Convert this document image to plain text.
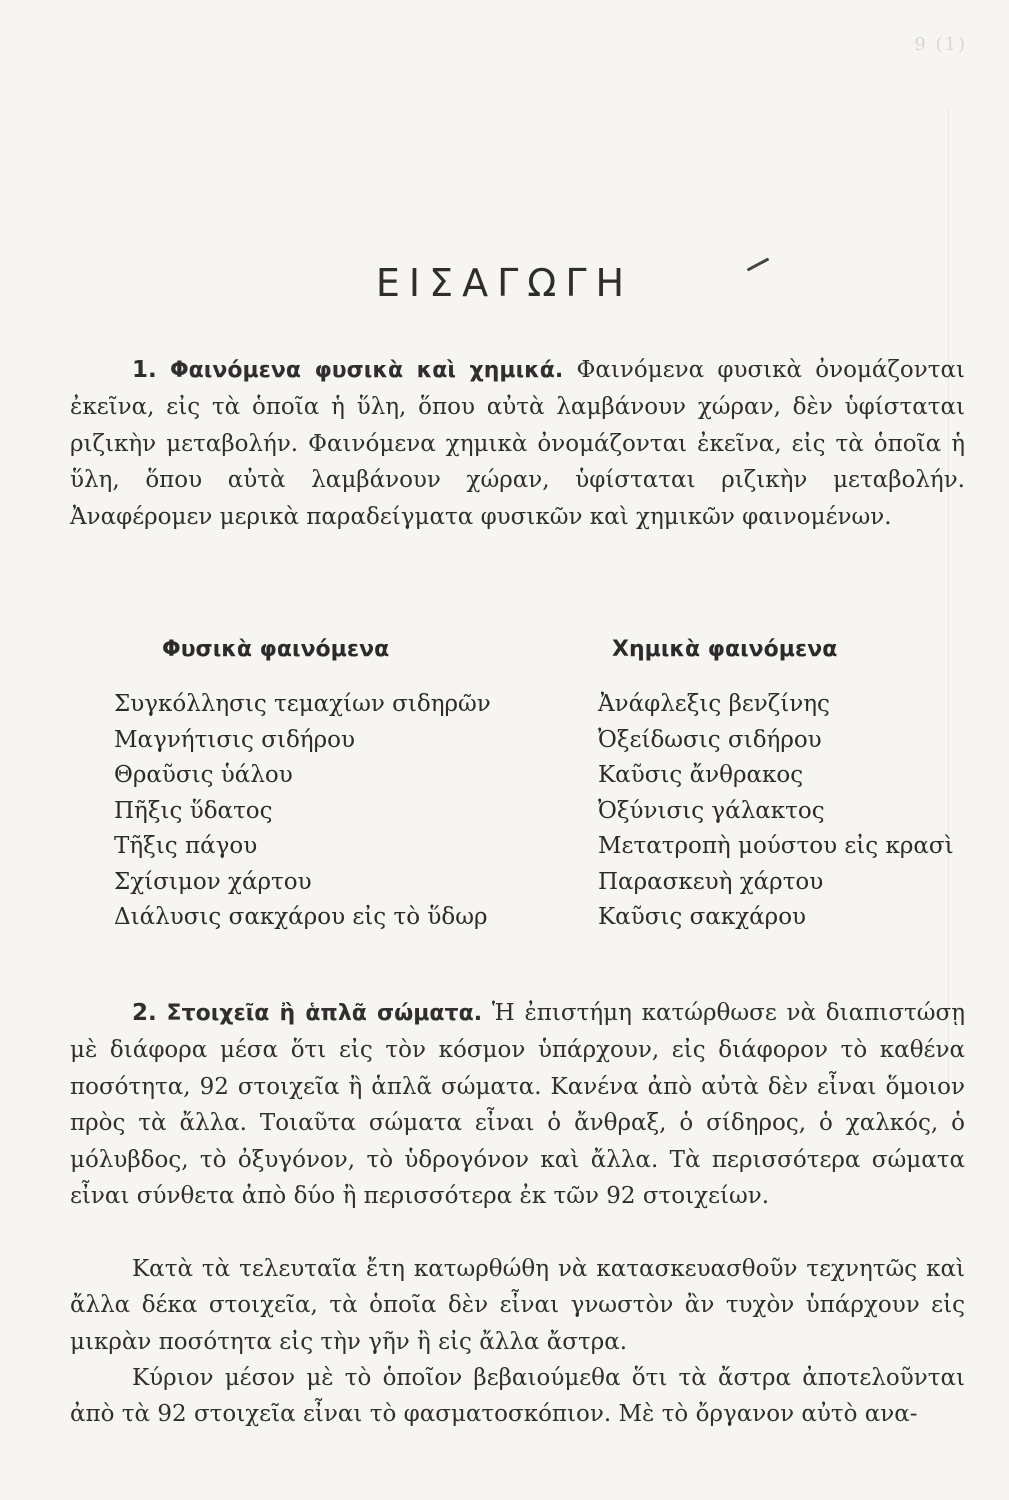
9 (1)
ΕΙΣΑΓΩΓΗ

1. Φαινόμενα φυσικὰ καὶ χημικά. Φαινόμενα φυσικὰ ὀνομάζονται ἐκεῖνα, εἰς τὰ ὁποῖα ἡ ὕλη, ὅπου αὐτὰ λαμβάνουν χώραν, δὲν ὑφίσταται ριζικὴν μεταβολήν. Φαινόμενα χημικὰ ὀνομάζονται ἐκεῖνα, εἰς τὰ ὁποῖα ἡ ὕλη, ὅπου αὐτὰ λαμβάνουν χώραν, ὑφίσταται ριζικὴν μεταβολήν. Ἀναφέρομεν μερικὰ παραδείγματα φυσικῶν καὶ χημικῶν φαινομένων.

Φυσικὰ φαινόμενα
Συγκόλλησις τεμαχίων σιδηρῶν
Μαγνήτισις σιδήρου
Θραῦσις ὑάλου
Πῆξις ὕδατος
Τῆξις πάγου
Σχίσιμον χάρτου
Διάλυσις σακχάρου εἰς τὸ ὕδωρ
Χημικὰ φαινόμενα
Ἀνάφλεξις βενζίνης
Ὀξείδωσις σιδήρου
Καῦσις ἄνθρακος
Ὀξύνισις γάλακτος
Μετατροπὴ μούστου εἰς κρασὶ
Παρασκευὴ χάρτου
Καῦσις σακχάρου

2. Στοιχεῖα ἢ ἁπλᾶ σώματα. Ἡ ἐπιστήμη κατώρθωσε νὰ διαπιστώσῃ μὲ διάφορα μέσα ὅτι εἰς τὸν κόσμον ὑπάρχουν, εἰς διάφορον τὸ καθένα ποσότητα, 92 στοιχεῖα ἢ ἁπλᾶ σώματα. Κανένα ἀπὸ αὐτὰ δὲν εἶναι ὅμοιον πρὸς τὰ ἄλλα. Τοιαῦτα σώματα εἶναι ὁ ἄνθραξ, ὁ σίδηρος, ὁ χαλκός, ὁ μόλυβδος, τὸ ὀξυγόνον, τὸ ὑδρογόνον καὶ ἄλλα. Τὰ περισσότερα σώματα εἶναι σύνθετα ἀπὸ δύο ἢ περισσότερα ἐκ τῶν 92 στοιχείων.

Κατὰ τὰ τελευταῖα ἔτη κατωρθώθη νὰ κατασκευασθοῦν τεχνητῶς καὶ ἄλλα δέκα στοιχεῖα, τὰ ὁποῖα δὲν εἶναι γνωστὸν ἂν τυχὸν ὑπάρχουν εἰς μικρὰν ποσότητα εἰς τὴν γῆν ἢ εἰς ἄλλα ἄστρα.

Κύριον μέσον μὲ τὸ ὁποῖον βεβαιούμεθα ὅτι τὰ ἄστρα ἀποτελοῦνται ἀπὸ τὰ 92 στοιχεῖα εἶναι τὸ φασματοσκόπιον. Μὲ τὸ ὄργανον αὐτὸ ανα-
